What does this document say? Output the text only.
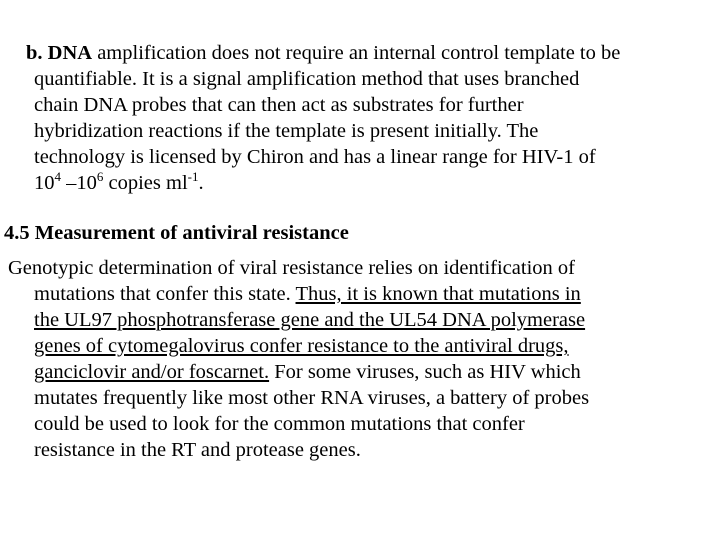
b. DNA amplification does not require an internal control template to be
quantifiable. It is a signal amplification method that uses branched
chain DNA probes that can then act as substrates for further
hybridization reactions if the template is present initially. The
technology is licensed by Chiron and has a linear range for HIV-1 of
$10^4$ $-10^6$ copies $ml^{-1}$.
4.5 Measurement of antiviral resistance
Genotypic determination of viral resistance relies on identification of
mutations that confer this state. Thus, it is known that mutations in
the UL97 phosphotransferase gene and the UL54 DNA polymerase
genes of cytomegalovirus confer resistance to the antiviral drugs,
ganciclovir and/or foscarnet. For some viruses, such as HIV which
mutates frequently like most other RNA viruses, a battery of probes
could be used to look for the common mutations that confer
resistance in the RT and protease genes.
